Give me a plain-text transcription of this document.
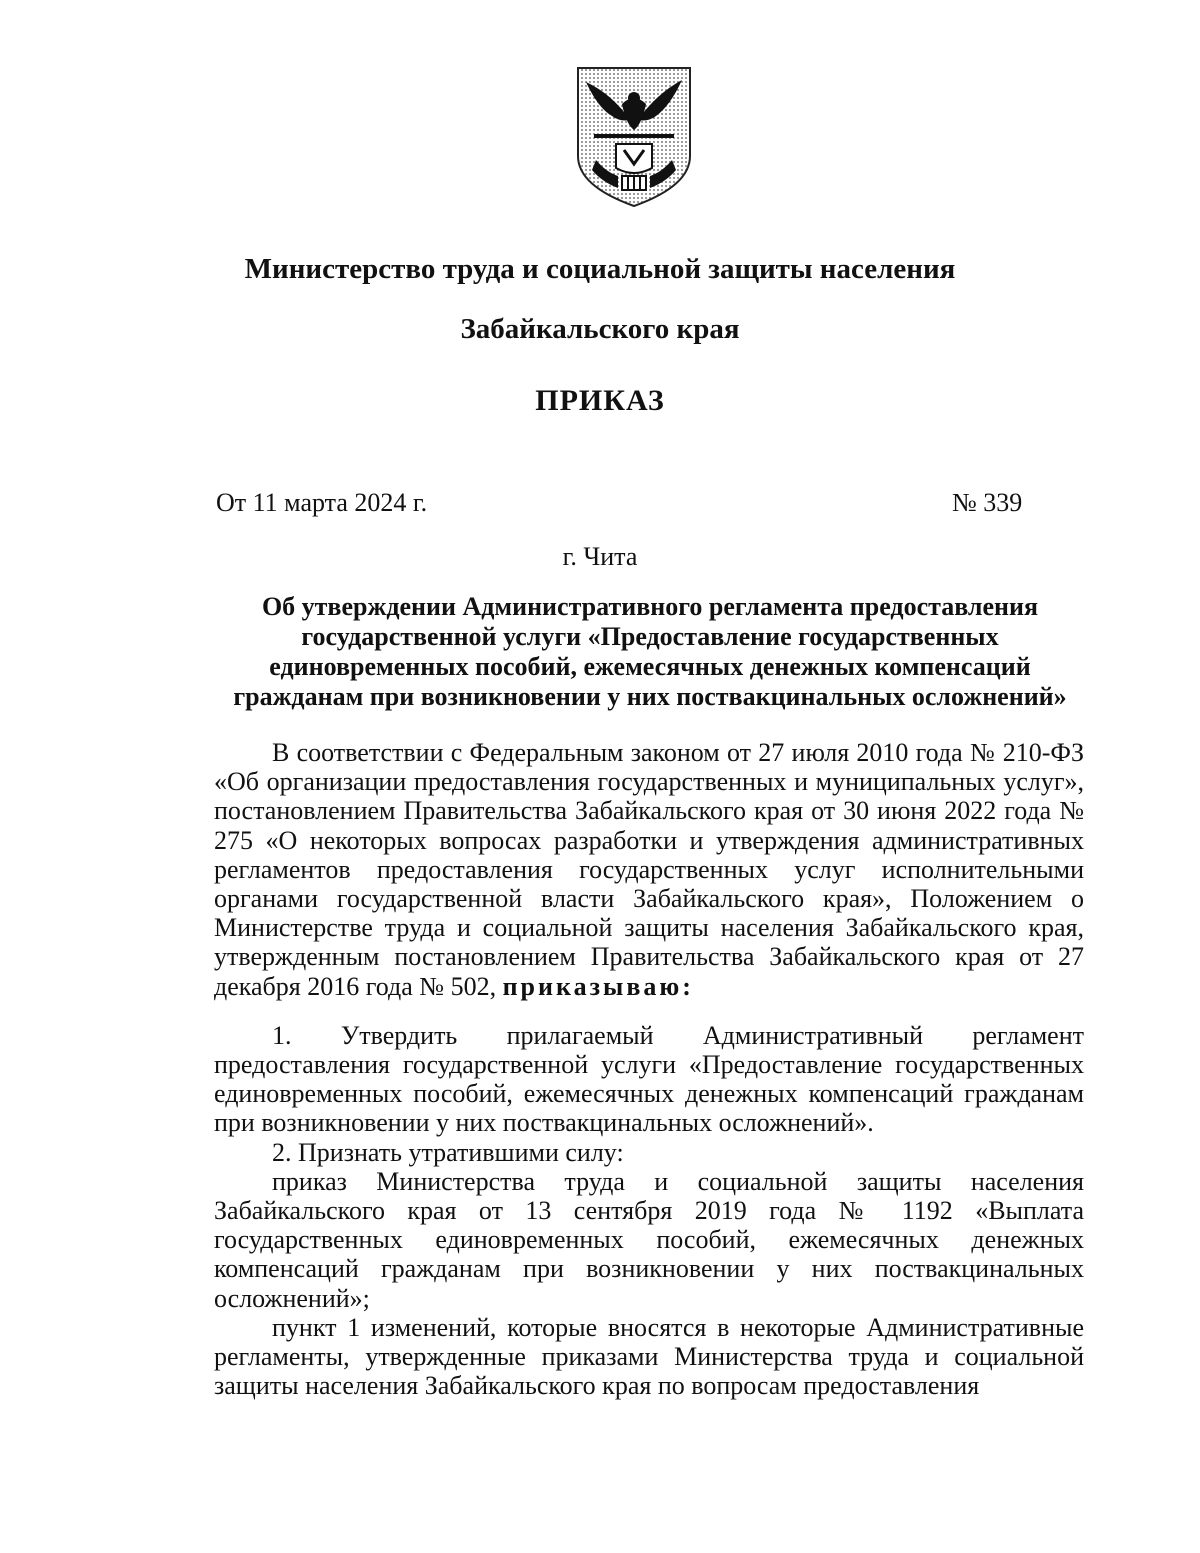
Министерство труда и социальной защиты населения
Забайкальского края
ПРИКАЗ
От 11 марта 2024 г.	№ 339
г. Чита
Об утверждении Административного регламента предоставления
государственной услуги «Предоставление государственных
единовременных пособий, ежемесячных денежных компенсаций
гражданам при возникновении у них поствакцинальных осложнений»

В соответствии с Федеральным законом от 27 июля 2010 года № 210-ФЗ «Об организации предоставления государственных и муниципальных услуг», постановлением Правительства Забайкальского края от 30 июня 2022 года № 275 «О некоторых вопросах разработки и утверждения административных регламентов предоставления государственных услуг исполнительными органами государственной власти Забайкальского края», Положением о Министерстве труда и социальной защиты населения Забайкальского края, утвержденным постановлением Правительства Забайкальского края от 27 декабря 2016 года № 502, приказываю:

1. Утвердить прилагаемый Административный регламент предоставления государственной услуги «Предоставление государственных единовременных пособий, ежемесячных денежных компенсаций гражданам при возникновении у них поствакцинальных осложнений».

2. Признать утратившими силу:

приказ Министерства труда и социальной защиты населения Забайкальского края от 13 сентября 2019 года № 1192 «Выплата государственных единовременных пособий, ежемесячных денежных компенсаций гражданам при возникновении у них поствакцинальных осложнений»;

пункт 1 изменений, которые вносятся в некоторые Административные регламенты, утвержденные приказами Министерства труда и социальной защиты населения Забайкальского края по вопросам предоставления
